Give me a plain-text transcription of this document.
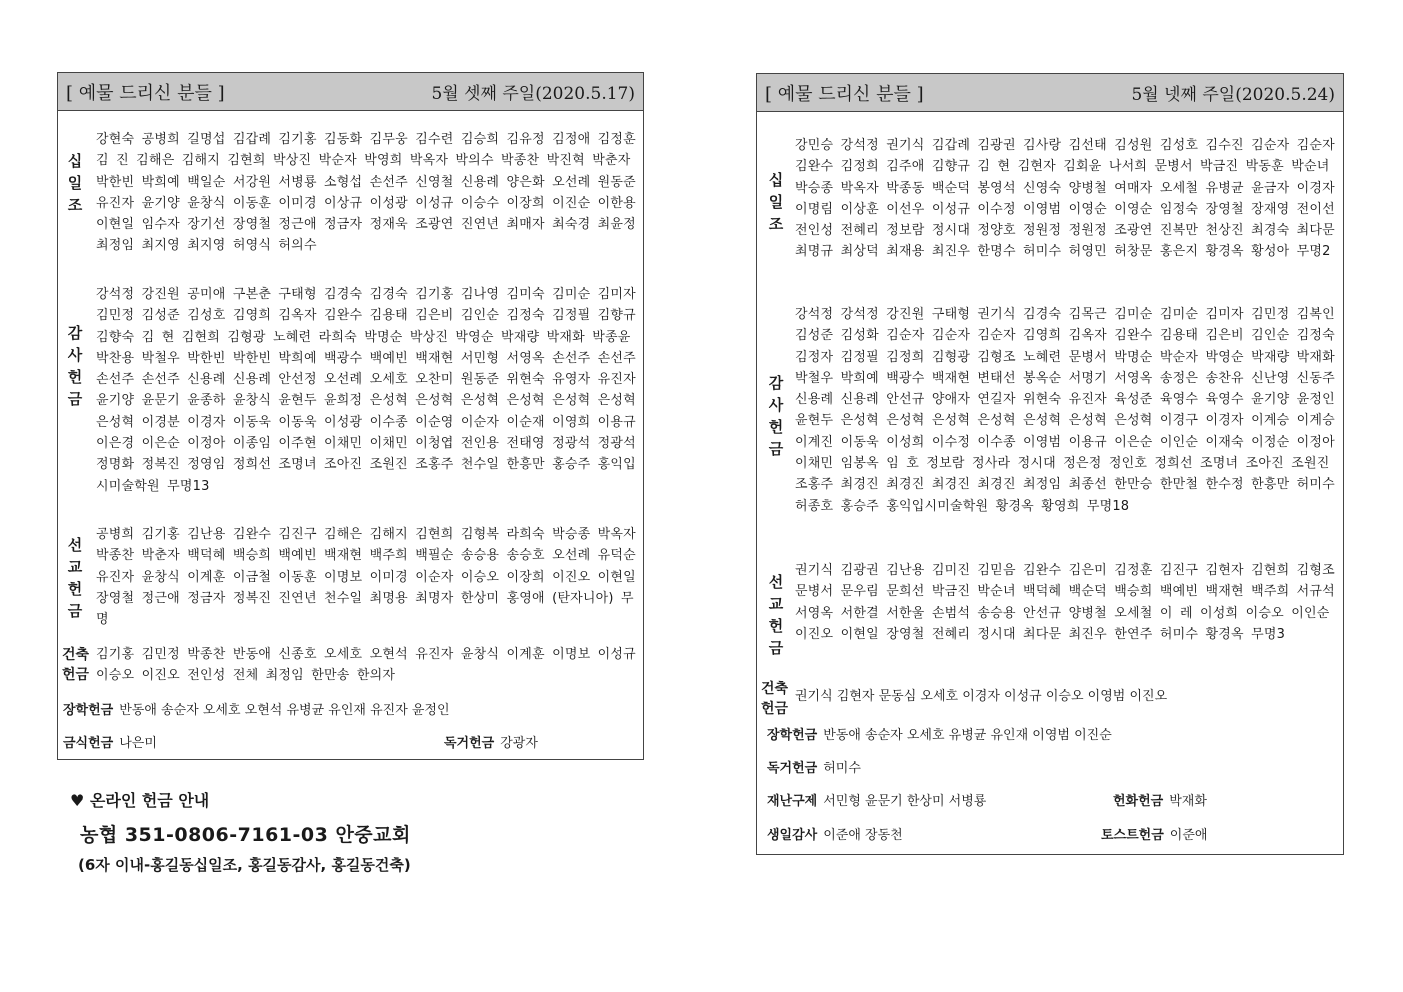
[ 예물 드리신 분들 ]	5월 셋째 주일(2020.5.17)
십
일
조

강현숙 공병희 길명섭 김갑례 김기홍 김동화 김무웅 김수련 김승희 김유정 김정애 김정훈 김 진 김해은 김해지 김현희 박상진 박순자 박영희 박옥자 박의수 박종찬 박진혁 박춘자 박한빈 박희예 백일순 서강원 서병룡 소형섭 손선주 신영철 신용례 양은화 오선례 원동준 유진자 윤기양 윤창식 이동훈 이미경 이상규 이성광 이성규 이승수 이장희 이진순 이한용 이현일 임수자 장기선 장영철 정근애 정금자 정재욱 조광연 진연년 최매자 최숙경 최윤정 최정임 최지영 최지영 허영식 허의수

감
사
헌
금

강석정 강진원 공미애 구본춘 구태형 김경숙 김경숙 김기홍 김나영 김미숙 김미순 김미자 김민정 김성준 김성호 김영희 김옥자 김완수 김용태 김은비 김인순 김정숙 김정필 김향규 김향숙 김 현 김현희 김형광 노혜련 라희숙 박명순 박상진 박영순 박재량 박재화 박종윤 박찬용 박철우 박한빈 박한빈 박희예 백광수 백예빈 백재현 서민형 서영옥 손선주 손선주 손선주 손선주 신용례 신용례 안선정 오선례 오세호 오찬미 원동준 위현숙 유영자 유진자 윤기양 윤문기 윤종하 윤창식 윤현두 윤희정 은성혁 은성혁 은성혁 은성혁 은성혁 은성혁 은성혁 이경분 이경자 이동욱 이동욱 이성광 이수종 이순영 이순자 이순재 이영희 이용규 이은경 이은순 이정아 이종임 이주현 이채민 이채민 이청엽 전인용 전태영 정광석 정광석 정명화 정복진 정영임 정희선 조명녀 조아진 조원진 조홍주 천수일 한흥만 홍승주 홍익입시미술학원 무명13

선
교
헌
금

공병희 김기홍 김난용 김완수 김진구 김해은 김해지 김현희 김형복 라희숙 박승종 박옥자 박종찬 박춘자 백덕혜 백승희 백예빈 백재현 백주희 백필순 송승용 송승호 오선례 유덕순 유진자 윤창식 이계훈 이금철 이동훈 이명보 이미경 이순자 이승오 이장희 이진오 이현일 장영철 정근애 정금자 정복진 진연년 천수일 최명용 최명자 한상미 홍영애 (탄자니아) 무명

건축
헌금

김기홍 김민정 박종찬 반동애 신종호 오세호 오현석 유진자 윤창식 이계훈 이명보 이성규 이승오 이진오 전인성 전체 최정임 한만송 한의자

장학헌금 반동애 송순자 오세호 오현석 유병균 유인재 유진자 윤정인
금식헌금 나은미	독거헌금 강광자
[ 예물 드리신 분들 ]	5월 넷째 주일(2020.5.24)
십
일
조

강민승 강석정 권기식 김갑례 김광권 김사랑 김선태 김성원 김성호 김수진 김순자 김순자 김완수 김정희 김주애 김향규 김 현 김현자 김회윤 나서희 문병서 박금진 박동훈 박순녀 박승종 박옥자 박종동 백순덕 봉영석 신영숙 양병철 여매자 오세철 유병균 윤금자 이경자 이명림 이상훈 이선우 이성규 이수정 이영범 이영순 이영순 임정숙 장영철 장재영 전이선 전인성 전혜리 정보람 정시대 정양호 정원정 정원정 조광연 진복만 천상진 최경숙 최다문 최명규 최상덕 최재용 최진우 한명수 허미수 허영민 허창문 홍은지 황경옥 황성아 무명2

감
사
헌
금

강석정 강석정 강진원 구태형 권기식 김경숙 김목근 김미순 김미순 김미자 김민정 김복인 김성준 김성화 김순자 김순자 김순자 김영희 김옥자 김완수 김용태 김은비 김인순 김정숙 김정자 김정필 김정희 김형광 김형조 노혜련 문병서 박명순 박순자 박영순 박재량 박재화 박철우 박희예 백광수 백재현 변태선 봉옥순 서명기 서영옥 송정은 송찬유 신난영 신동주 신용례 신용례 안선규 양애자 연길자 위현숙 유진자 육성준 육영수 육영수 윤기양 윤정인 윤현두 은성혁 은성혁 은성혁 은성혁 은성혁 은성혁 은성혁 이경구 이경자 이계승 이계승 이계진 이동욱 이성희 이수정 이수종 이영범 이용규 이은순 이인순 이재숙 이정순 이정아 이채민 임봉옥 임 호 정보람 정사라 정시대 정은정 정인호 정희선 조명녀 조아진 조원진 조홍주 최경진 최경진 최경진 최경진 최정임 최종선 한만승 한만철 한수정 한흥만 허미수 허종호 홍승주 홍익입시미술학원 황경옥 황영희 무명18

선
교
헌
금

권기식 김광권 김난용 김미진 김믿음 김완수 김은미 김정훈 김진구 김현자 김현희 김형조 문병서 문우림 문희선 박금진 박순녀 백덕혜 백순덕 백승희 백예빈 백재현 백주희 서규석 서영옥 서한결 서한울 손범석 송승용 안선규 양병철 오세철 이 레 이성희 이승오 이인순 이진오 이현일 장영철 전혜리 정시대 최다문 최진우 한연주 허미수 황경옥 무명3

건축
헌금
권기식 김현자 문동심 오세호 이경자 이성규 이승오 이영범 이진오
장학헌금 반동애 송순자 오세호 유병균 유인재 이영범 이진순
독거헌금 허미수
재난구제 서민형 윤문기 한상미 서병룡	헌화헌금 박재화
생일감사 이준애 장동천	토스트헌금 이준애
♥ 온라인 헌금 안내
농협 351-0806-7161-03 안중교회
(6자 이내-홍길동십일조, 홍길동감사, 홍길동건축)
